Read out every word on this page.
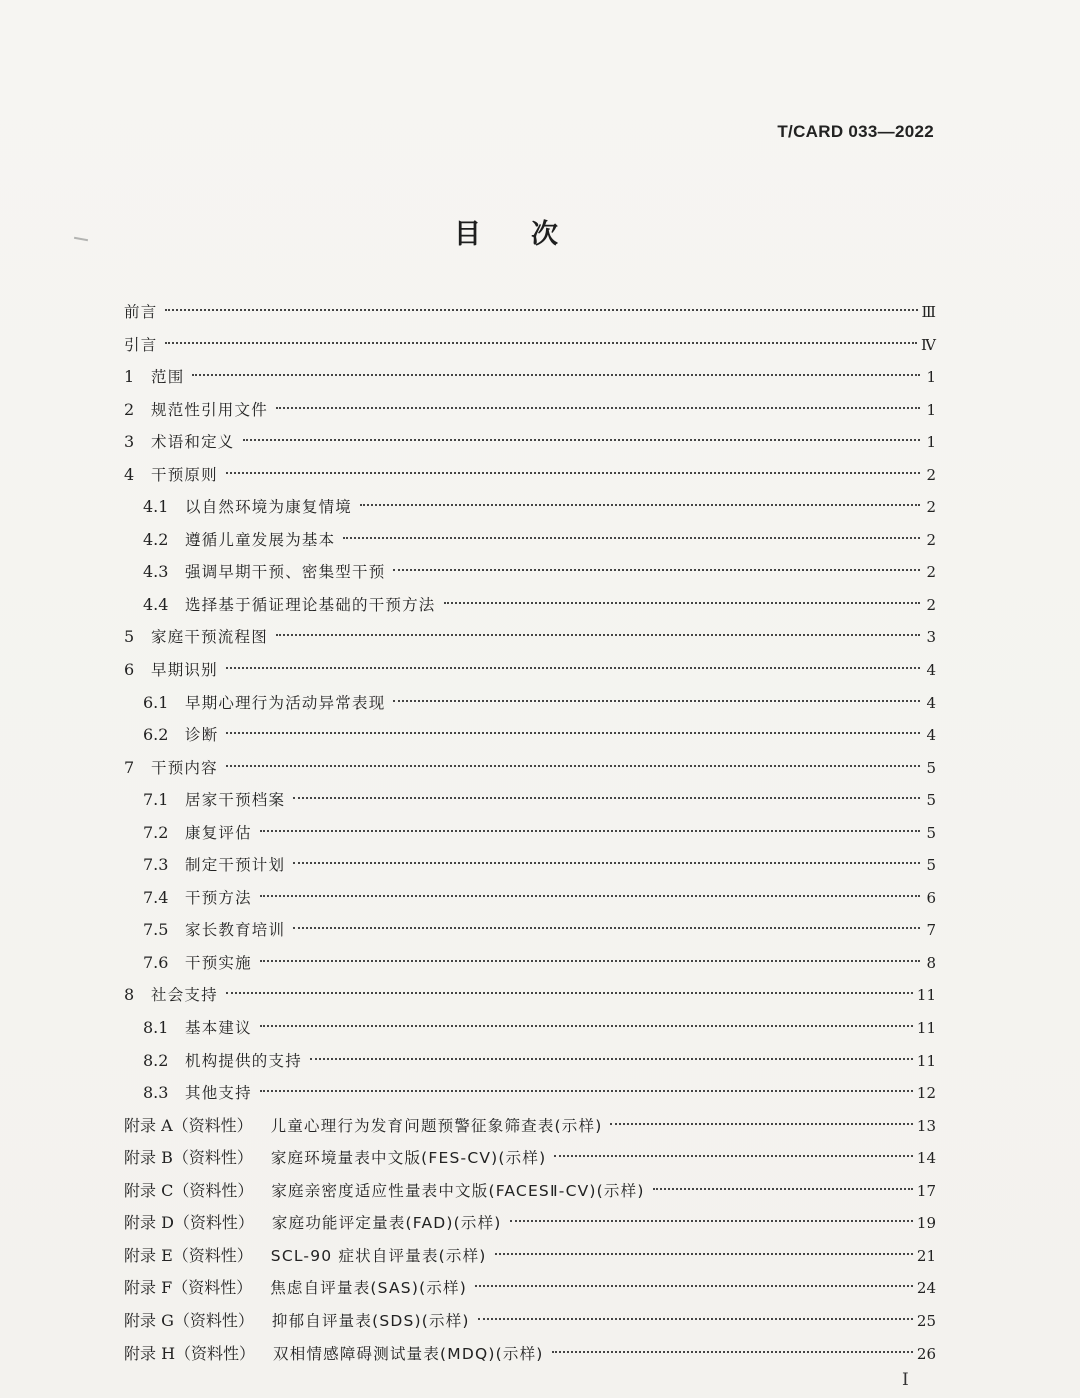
T/CARD 033—2022
目次
前言	Ⅲ
引言	Ⅳ
1	范围	1
2	规范性引用文件	1
3	术语和定义	1
4	干预原则	2
4.1	以自然环境为康复情境	2
4.2	遵循儿童发展为基本	2
4.3	强调早期干预、密集型干预	2
4.4	选择基于循证理论基础的干预方法	2
5	家庭干预流程图	3
6	早期识别	4
6.1	早期心理行为活动异常表现	4
6.2	诊断	4
7	干预内容	5
7.1	居家干预档案	5
7.2	康复评估	5
7.3	制定干预计划	5
7.4	干预方法	6
7.5	家长教育培训	7
7.6	干预实施	8
8	社会支持	11
8.1	基本建议	11
8.2	机构提供的支持	11
8.3	其他支持	12
附录 A（资料性） 儿童心理行为发育问题预警征象筛查表(示样)	13
附录 B（资料性） 家庭环境量表中文版(FES-CV)(示样)	14
附录 C（资料性） 家庭亲密度适应性量表中文版(FACESⅡ-CV)(示样)	17
附录 D（资料性） 家庭功能评定量表(FAD)(示样)	19
附录 E（资料性） SCL-90 症状自评量表(示样)	21
附录 F（资料性） 焦虑自评量表(SAS)(示样)	24
附录 G（资料性） 抑郁自评量表(SDS)(示样)	25
附录 H（资料性） 双相情感障碍测试量表(MDQ)(示样)	26
Ⅰ
